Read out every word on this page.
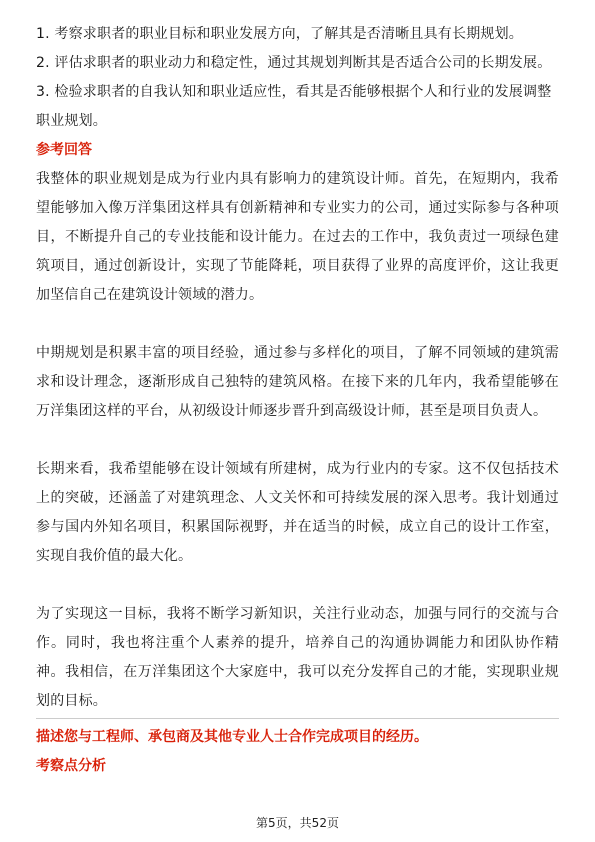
1. 考察求职者的职业目标和职业发展方向，了解其是否清晰且具有长期规划。

2. 评估求职者的职业动力和稳定性，通过其规划判断其是否适合公司的长期发展。

3. 检验求职者的自我认知和职业适应性，看其是否能够根据个人和行业的发展调整职业规划。

参考回答

我整体的职业规划是成为行业内具有影响力的建筑设计师。首先，在短期内，我希望能够加入像万洋集团这样具有创新精神和专业实力的公司，通过实际参与各种项目，不断提升自己的专业技能和设计能力。在过去的工作中，我负责过一项绿色建筑项目，通过创新设计，实现了节能降耗，项目获得了业界的高度评价，这让我更加坚信自己在建筑设计领域的潜力。

中期规划是积累丰富的项目经验，通过参与多样化的项目，了解不同领域的建筑需求和设计理念，逐渐形成自己独特的建筑风格。在接下来的几年内，我希望能够在万洋集团这样的平台，从初级设计师逐步晋升到高级设计师，甚至是项目负责人。

长期来看，我希望能够在设计领域有所建树，成为行业内的专家。这不仅包括技术上的突破，还涵盖了对建筑理念、人文关怀和可持续发展的深入思考。我计划通过参与国内外知名项目，积累国际视野，并在适当的时候，成立自己的设计工作室，实现自我价值的最大化。

为了实现这一目标，我将不断学习新知识，关注行业动态，加强与同行的交流与合作。同时，我也将注重个人素养的提升，培养自己的沟通协调能力和团队协作精神。我相信，在万洋集团这个大家庭中，我可以充分发挥自己的才能，实现职业规划的目标。

描述您与工程师、承包商及其他专业人士合作完成项目的经历。

考察点分析

第5页，共52页
